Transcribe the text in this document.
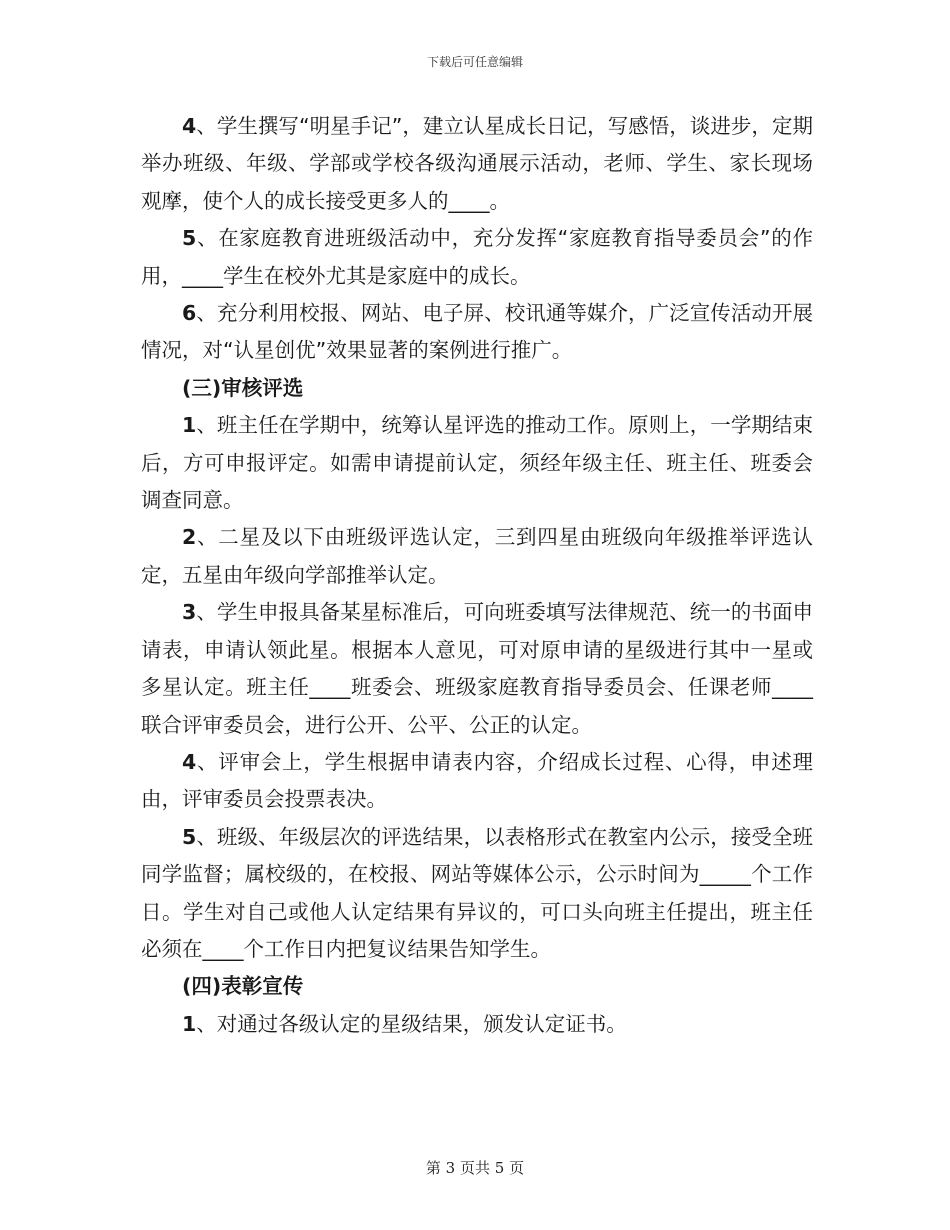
下载后可任意编辑

4、学生撰写“明星手记”，建立认星成长日记，写感悟，谈进步，定期举办班级、年级、学部或学校各级沟通展示活动，老师、学生、家长现场观摩，使个人的成长接受更多人的____。

5、在家庭教育进班级活动中，充分发挥“家庭教育指导委员会”的作用，____学生在校外尤其是家庭中的成长。

6、充分利用校报、网站、电子屏、校讯通等媒介，广泛宣传活动开展情况，对“认星创优”效果显著的案例进行推广。

(三)审核评选

1、班主任在学期中，统筹认星评选的推动工作。原则上，一学期结束后，方可申报评定。如需申请提前认定，须经年级主任、班主任、班委会调查同意。

2、二星及以下由班级评选认定，三到四星由班级向年级推举评选认定，五星由年级向学部推举认定。

3、学生申报具备某星标准后，可向班委填写法律规范、统一的书面申请表，申请认领此星。根据本人意见，可对原申请的星级进行其中一星或多星认定。班主任____班委会、班级家庭教育指导委员会、任课老师____联合评审委员会，进行公开、公平、公正的认定。

4、评审会上，学生根据申请表内容，介绍成长过程、心得，申述理由，评审委员会投票表决。

5、班级、年级层次的评选结果，以表格形式在教室内公示，接受全班同学监督；属校级的，在校报、网站等媒体公示，公示时间为_____个工作日。学生对自己或他人认定结果有异议的，可口头向班主任提出，班主任必须在____个工作日内把复议结果告知学生。

(四)表彰宣传

1、对通过各级认定的星级结果，颁发认定证书。

第 3 页共 5 页
